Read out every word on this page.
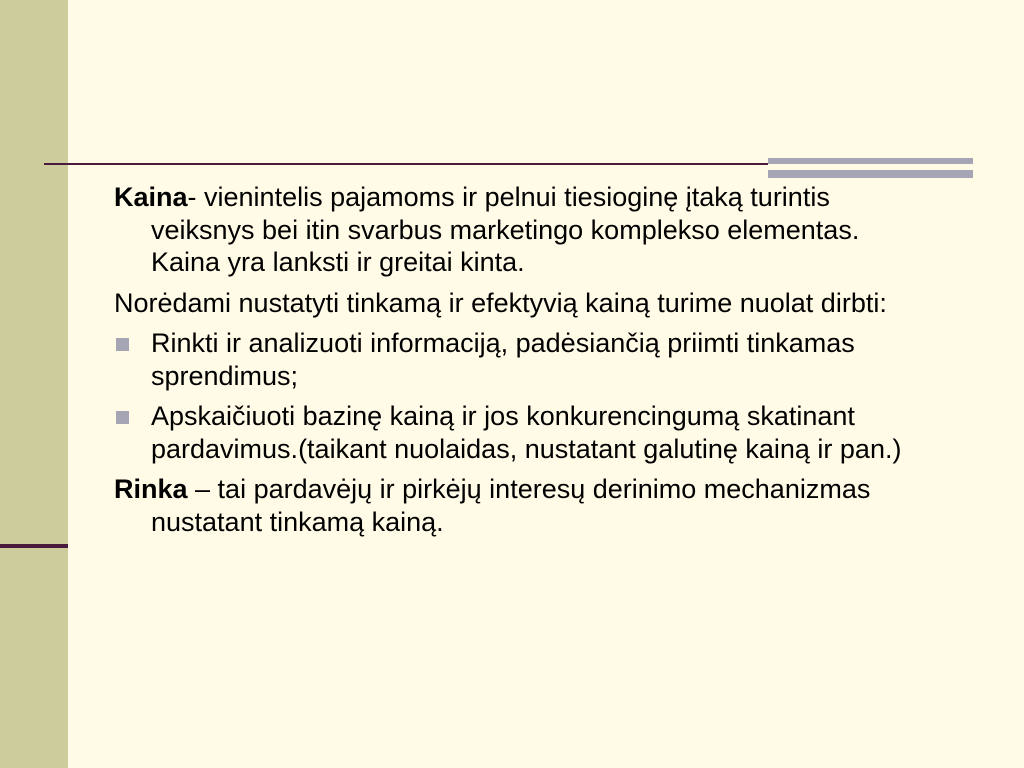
Kaina- vienintelis pajamoms ir pelnui tiesioginę įtaką turintis veiksnys bei itin svarbus marketingo komplekso elementas. Kaina yra lanksti ir greitai kinta.

Norėdami nustatyti tinkamą ir efektyvią kainą turime nuolat dirbti:

Rinkti ir analizuoti informaciją, padėsiančią priimti tinkamas sprendimus;
Apskaičiuoti bazinę kainą ir jos konkurencingumą skatinant pardavimus.(taikant nuolaidas, nustatant galutinę kainą ir pan.)

Rinka – tai pardavėjų ir pirkėjų interesų derinimo mechanizmas nustatant tinkamą kainą.
